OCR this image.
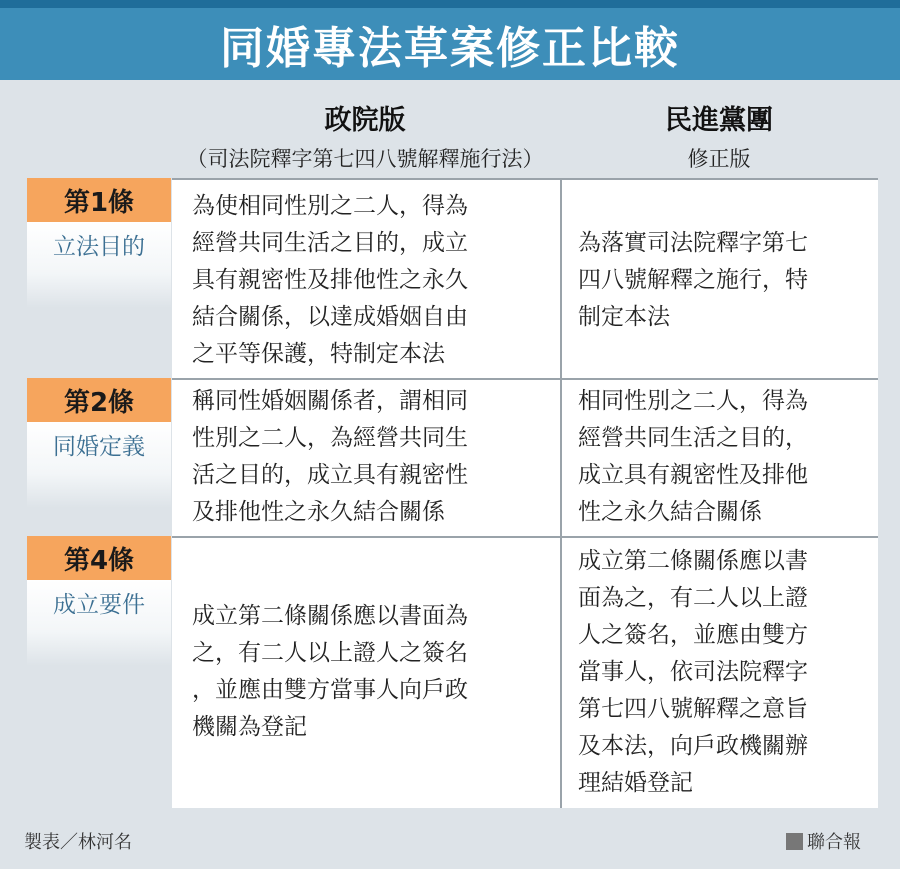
同婚專法草案修正比較
政院版
（司法院釋字第七四八號解釋施行法）
民進黨團
修正版
第1條
立法目的
第2條
同婚定義
第4條
成立要件
為使相同性別之二人，得為
經營共同生活之目的，成立
具有親密性及排他性之永久
結合關係，以達成婚姻自由
之平等保護，特制定本法
為落實司法院釋字第七
四八號解釋之施行，特
制定本法
稱同性婚姻關係者，謂相同
性別之二人，為經營共同生
活之目的，成立具有親密性
及排他性之永久結合關係
相同性別之二人，得為
經營共同生活之目的，
成立具有親密性及排他
性之永久結合關係
成立第二條關係應以書面為
之，有二人以上證人之簽名
，並應由雙方當事人向戶政
機關為登記
成立第二條關係應以書
面為之，有二人以上證
人之簽名，並應由雙方
當事人，依司法院釋字
第七四八號解釋之意旨
及本法，向戶政機關辦
理結婚登記
製表／林河名	聯合報
